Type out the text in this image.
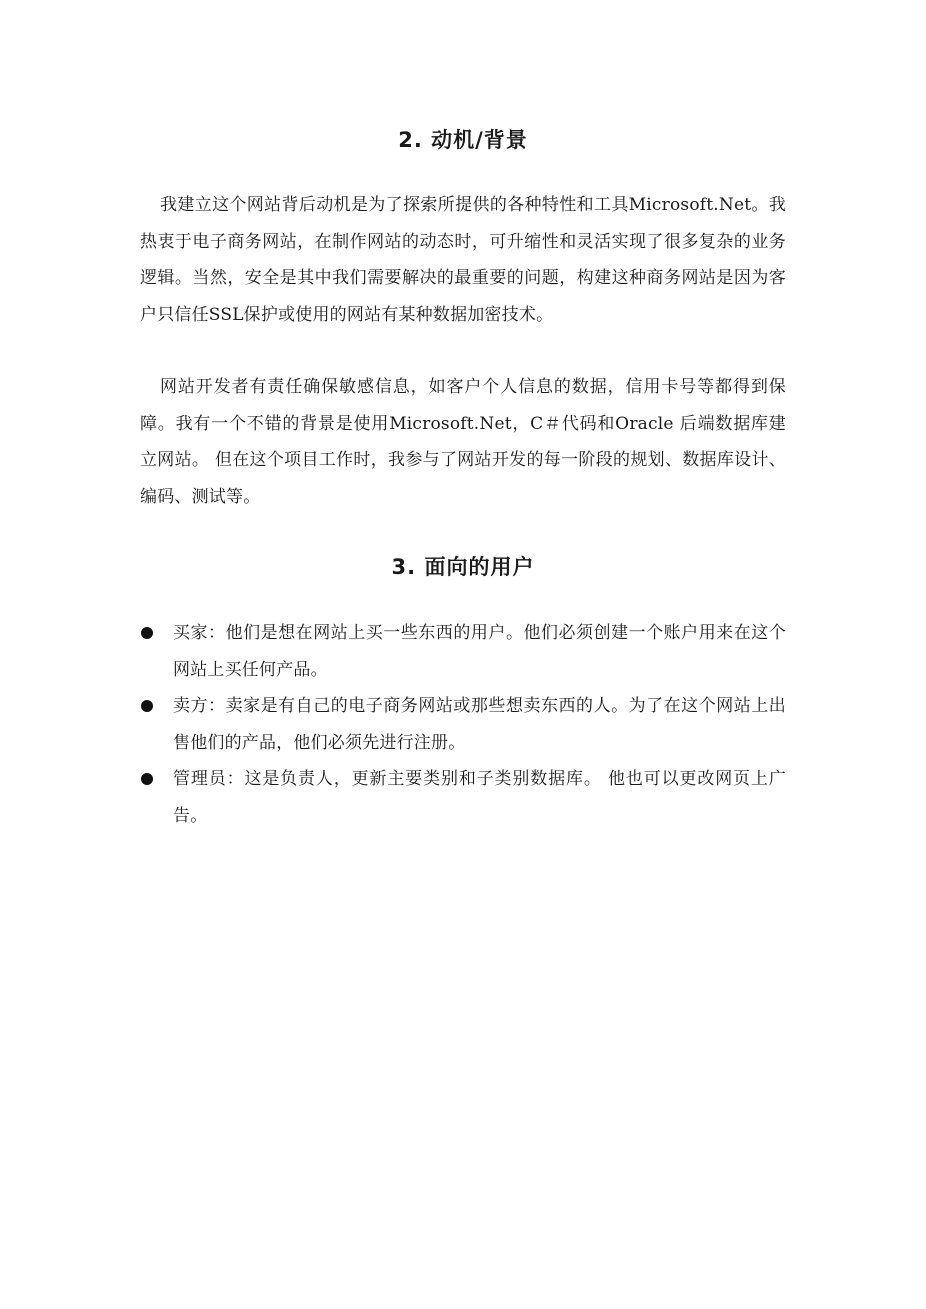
2. 动机/背景

我建立这个网站背后动机是为了探索所提供的各种特性和工具Microsoft.Net。我热衷于电子商务网站，在制作网站的动态时，可升缩性和灵活实现了很多复杂的业务逻辑。当然，安全是其中我们需要解决的最重要的问题，构建这种商务网站是因为客户只信任SSL保护或使用的网站有某种数据加密技术。

网站开发者有责任确保敏感信息，如客户个人信息的数据，信用卡号等都得到保障。我有一个不错的背景是使用Microsoft.Net，C＃代码和Oracle 后端数据库建立网站。 但在这个项目工作时，我参与了网站开发的每一阶段的规划、数据库设计、编码、测试等。

3. 面向的用户
买家：他们是想在网站上买一些东西的用户。他们必须创建一个账户用来在这个网站上买任何产品。
卖方：卖家是有自己的电子商务网站或那些想卖东西的人。为了在这个网站上出售他们的产品，他们必须先进行注册。
管理员：这是负责人，更新主要类别和子类别数据库。 他也可以更改网页上广告。
